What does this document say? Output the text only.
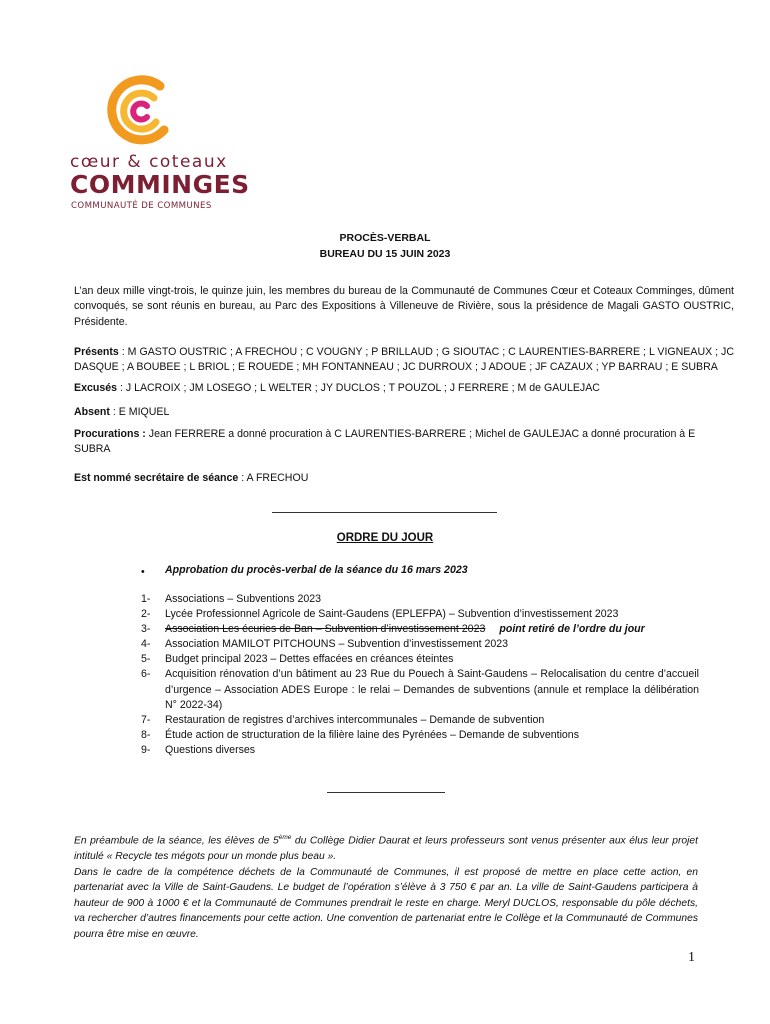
cœur & coteaux
COMMINGES
COMMUNAUTÉ DE COMMUNES
PROCÈS-VERBAL
BUREAU DU 15 JUIN 2023
L’an deux mille vingt-trois, le quinze juin, les membres du bureau de la Communauté de Communes Cœur et Coteaux Comminges, dûment convoqués, se sont réunis en bureau, au Parc des Expositions à Villeneuve de Rivière, sous la présidence de Magali GASTO OUSTRIC, Présidente.
Présents : M GASTO OUSTRIC ; A FRECHOU ; C VOUGNY ; P BRILLAUD ; G SIOUTAC ; C LAURENTIES-BARRERE ; L VIGNEAUX ; JC DASQUE ; A BOUBEE ; L BRIOL ; E ROUEDE ; MH FONTANNEAU ; JC DURROUX ; J ADOUE ; JF CAZAUX ; YP BARRAU ; E SUBRA
Excusés : J LACROIX ; JM LOSEGO ; L WELTER ; JY DUCLOS ; T POUZOL ; J FERRERE ; M de GAULEJAC
Absent : E MIQUEL
Procurations : Jean FERRERE a donné procuration à C LAURENTIES-BARRERE ; Michel de GAULEJAC a donné procuration à E SUBRA
Est nommé secrétaire de séance : A FRECHOU
ORDRE DU JOUR
• Approbation du procès-verbal de la séance du 16 mars 2023
1- Associations – Subventions 2023
2- Lycée Professionnel Agricole de Saint-Gaudens (EPLEFPA) – Subvention d’investissement 2023
3- Association Les écuries de Ban – Subvention d’investissement 2023 point retiré de l’ordre du jour
4- Association MAMILOT PITCHOUNS – Subvention d’investissement 2023
5- Budget principal 2023 – Dettes effacées en créances éteintes
6- Acquisition rénovation d’un bâtiment au 23 Rue du Pouech à Saint-Gaudens – Relocalisation du centre d’accueil d’urgence – Association ADES Europe : le relai – Demandes de subventions (annule et remplace la délibération N° 2022-34)
7- Restauration de registres d’archives intercommunales – Demande de subvention
8- Étude action de structuration de la filière laine des Pyrénées – Demande de subventions
9- Questions diverses
En préambule de la séance, les élèves de 5ème du Collège Didier Daurat et leurs professeurs sont venus présenter aux élus leur projet intitulé « Recycle tes mégots pour un monde plus beau ».
Dans le cadre de la compétence déchets de la Communauté de Communes, il est proposé de mettre en place cette action, en partenariat avec la Ville de Saint-Gaudens. Le budget de l’opération s’élève à 3 750 € par an. La ville de Saint-Gaudens participera à hauteur de 900 à 1000 € et la Communauté de Communes prendrait le reste en charge. Meryl DUCLOS, responsable du pôle déchets, va rechercher d’autres financements pour cette action. Une convention de partenariat entre le Collège et la Communauté de Communes pourra être mise en œuvre.
1
